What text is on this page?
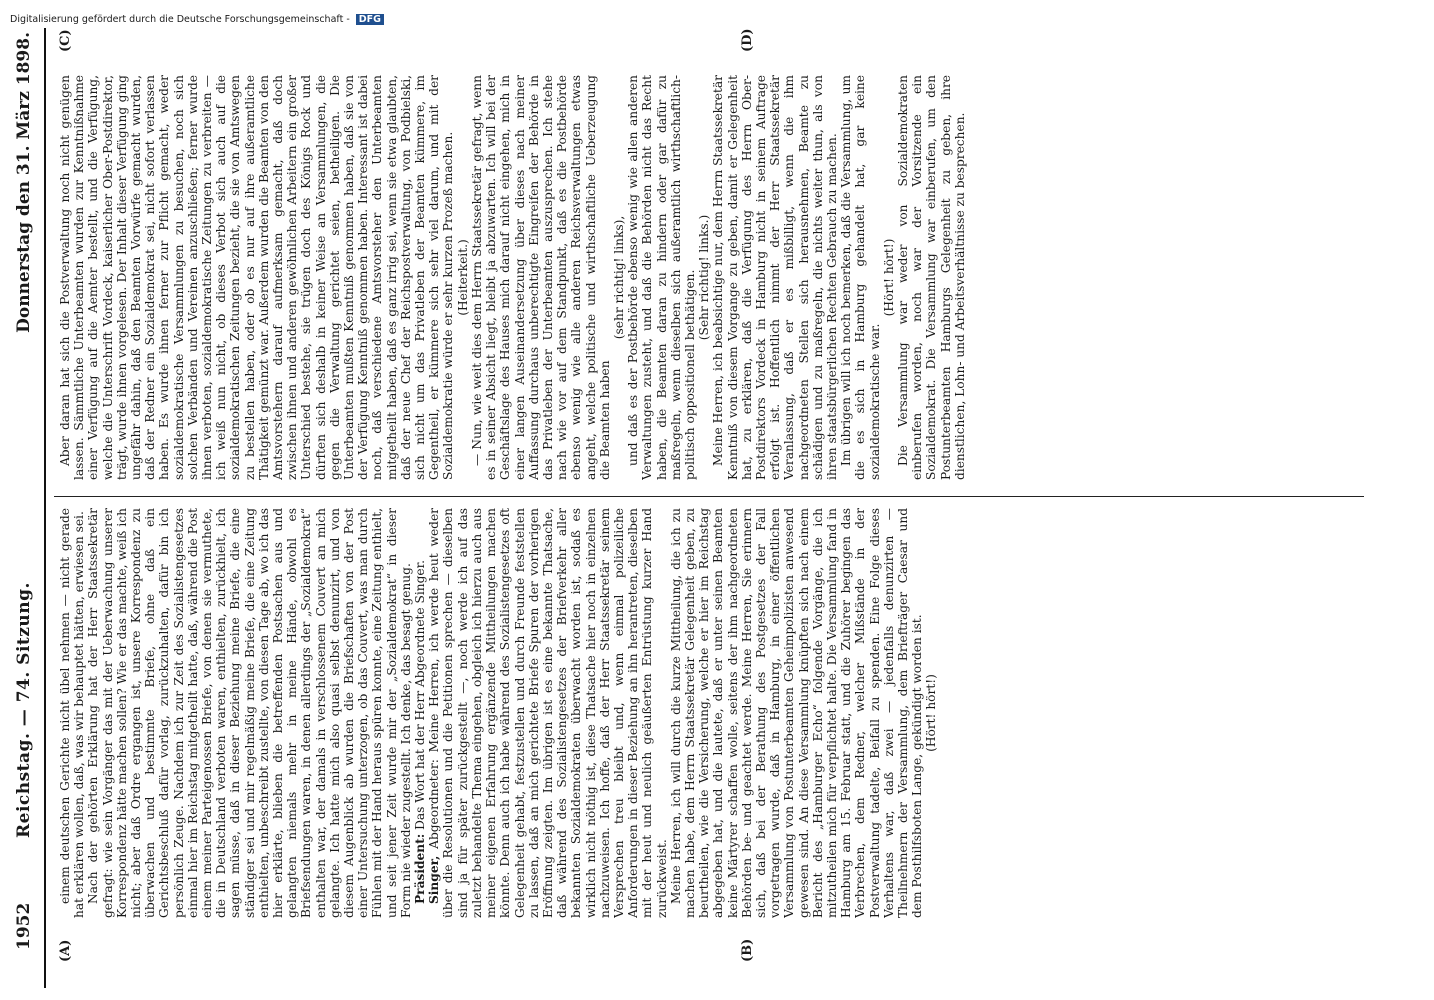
1952
Reichstag. — 74. Sitzung.
Donnerstag den 31. März 1898.
(A)	(B)
(C)	(D)

einem deutschen Gerichte nicht übel nehmen — nicht gerade hat erklären wollen, daß, was wir behauptet hätten, erwiesen sei. Nach der gehörten Erklärung hat der Herr Staatssekretär gefragt: wie sein Vorgänger das mit der Ueberwachung unserer Korrespondenz hätte machen sollen? Wie er das machte, weiß ich nicht; aber daß Ordre ergangen ist, unsere Korrespondenz zu überwachen und bestimmte Briefe, ohne daß ein Gerichtsbeschluß dafür vorlag, zurückzuhalten, dafür bin ich persönlich Zeuge. Nachdem ich zur Zeit des Sozialistengesetzes einmal hier im Reichstag mitgetheilt hatte, daß, während die Post einem meiner Parteigenossen Briefe, von denen sie vermuthete, die in Deutschland verboten waren, enthielten, zurückhielt, ich sagen müsse, daß in dieser Beziehung meine Briefe, die eine ständiger sei und mir regelmäßig meine Briefe, die eine Zeitung enthielten, unbeschreibt zustellte, von diesen Tage ab, wo ich das hier erklärte, blieben die betreffenden Postsachen aus und gelangten niemals mehr in meine Hände, obwohl es Briefsendungen waren, in denen allerdings der „Sozialdemokrat“ enthalten war, der damals in verschlossenem Couvert an mich gelangte. Ich hatte mich also quasi selbst denunzirt, und von diesem Augenblick ab wurden die Briefschaften von der Post einer Untersuchung unterzogen, ob das Couvert, was man durch Fühlen mit der Hand heraus spüren konnte, eine Zeitung enthielt, und seit jener Zeit wurde mir der „Sozialdemokrat“ in dieser Form nie wieder zugestellt. Ich denke, das besagt genug. Präsident: Das Wort hat der Herr Abgeordnete Singer.

Singer, Abgeordneter: Meine Herren, ich werde heut weder über die Resolutionen und die Petitionen sprechen — dieselben sind ja für später zurückgestellt —, noch werde ich auf das zuletzt behandelte Thema eingehen, obgleich ich hierzu auch aus meiner eigenen Erfahrung ergänzende Mittheilungen machen könnte. Denn auch ich habe während des Sozialistengesetzes oft Gelegenheit gehabt, festzustellen und durch Freunde feststellen zu lassen, daß an mich gerichtete Briefe Spuren der vorherigen Eröffnung zeigten. Im übrigen ist es eine bekannte Thatsache, daß während des Sozialistengesetzes der Briefverkehr aller bekannten Sozialdemokraten überwacht worden ist, sodaß es wirklich nicht nöthig ist, diese Thatsache hier noch in einzelnen nachzuweisen. Ich hoffe, daß der Herr Staatssekretär seinem Versprechen treu bleibt und, wenn einmal polizeiliche Anforderungen in dieser Beziehung an ihn herantreten, dieselben mit der heut und neulich geäußerten Entrüstung kurzer Hand zurückweist. Meine Herren, ich will durch die kurze Mittheilung, die ich zu machen habe, dem Herrn Staatssekretär Gelegenheit geben, zu beurtheilen, wie die Versicherung, welche er hier im Reichstag abgegeben hat, und die lautete, daß er unter seinen Beamten keine Märtyrer schaffen wolle, seitens der ihm nachgeordneten Behörden be- und geachtet werde. Meine Herren, Sie erinnern sich, daß bei der Berathung des Postgesetzes der Fall vorgetragen wurde, daß in Hamburg, in einer öffentlichen Versammlung von Postunterbeamten Geheimpolizisten anwesend gewesen sind. An diese Versammlung knüpften sich nach einem Bericht des „Hamburger Echo“ folgende Vorgänge, die ich mitzutheilen mich für verpflichtet halte. Die Versammlung fand in Hamburg am 15. Februar statt, und die Zuhörer begingen das Verbrechen, dem Redner, welcher Mißstände in der Postverwaltung tadelte, Beifall zu spenden. Eine Folge dieses Verhaltens war, daß zwei — jedenfalls denunzirten — Theilnehmern der Versammlung, dem Briefträger Caesar und dem Posthilfsboten Lange, gekündigt worden ist. (Hört! hört!)

Aber daran hat sich die Postverwaltung noch nicht genügen lassen. Sämmtliche Unterbeamten wurden zur Kenntnißnahme einer Verfügung auf die Aemter bestellt, und die Verfügung, welche die Unterschrift Vordeck, kaiserlicher Ober-Postdirektor, trägt, wurde ihnen vorgelesen. Der Inhalt dieser Verfügung ging ungefähr dahin, daß den Beamten Vorwürfe gemacht wurden, daß der Redner ein Sozialdemokrat sei, nicht sofort verlassen haben. Es wurde ihnen ferner zur Pflicht gemacht, weder sozialdemokratische Versammlungen zu besuchen, noch sich solchen Verbänden und Vereinen anzuschließen; ferner wurde ihnen verboten, sozialdemokratische Zeitungen zu verbreiten — ich weiß nun nicht, ob dieses Verbot sich auch auf die sozialdemokratischen Zeitungen bezieht, die sie von Amtswegen zu bestellen haben, oder ob es nur auf ihre außeramtliche Thätigkeit gemünzt war. Außerdem wurden die Beamten von den Amtsvorstehern darauf aufmerksam gemacht, daß doch zwischen ihnen und anderen gewöhnlichen Arbeitern ein großer Unterschied bestehe, sie trügen doch des Königs Rock und dürften sich deshalb in keiner Weise an Versammlungen, die gegen die Verwaltung gerichtet seien, betheiligen. Die Unterbeamten mußten Kenntniß genommen haben, daß sie von der Verfügung Kenntniß genommen haben. Interessant ist dabei noch, daß verschiedene Amtsvorsteher den Unterbeamten mitgetheilt haben, daß es ganz irrig sei, wenn sie etwa glaubten, daß der neue Chef der Reichspostverwaltung, von Podbielski, sich nicht um das Privatleben der Beamten kümmere, im Gegentheil, er kümmere sich sehr viel darum, und mit der Sozialdemokratie würde er sehr kurzen Prozeß machen. (Heiterkeit.) — Nun, wie weit dies dem Herrn Staatssekretär gefragt, wenn es in seiner Absicht liegt, bleibt ja abzuwarten. Ich will bei der Geschäftslage des Hauses mich darauf nicht eingehen, mich in einer langen Auseinandersetzung über dieses nach meiner Auffassung durchaus unberechtigte Eingreifen der Behörde in das Privatleben der Unterbeamten auszusprechen. Ich stehe nach wie vor auf dem Standpunkt, daß es die Postbehörde ebenso wenig wie alle anderen Reichsverwaltungen etwas angeht, welche politische und wirthschaftliche Ueberzeugung die Beamten haben

(sehr richtig! links), und daß es der Postbehörde ebenso wenig wie allen anderen Verwaltungen zusteht, und daß die Behörden nicht das Recht haben, die Beamten daran zu hindern oder gar dafür zu maßregeln, wenn dieselben sich außeramtlich wirthschaftlich-politisch oppositionell bethätigen. (Sehr richtig! links.) Meine Herren, ich beabsichtige nur, dem Herrn Staatssekretär Kenntniß von diesem Vorgange zu geben, damit er Gelegenheit hat, zu erklären, daß die Verfügung des Herrn Ober-Postdirektors Vordeck in Hamburg nicht in seinem Auftrage erfolgt ist. Hoffentlich nimmt der Herr Staatssekretär Veranlassung, daß er es mißbilligt, wenn die ihm nachgeordneten Stellen sich herausnehmen, Beamte zu schädigen und zu maßregeln, die nichts weiter thun, als von ihren staatsbürgerlichen Rechten Gebrauch zu machen. Im übrigen will ich noch bemerken, daß die Versammlung, um die es sich in Hamburg gehandelt hat, gar keine sozialdemokratische war.

(Hört! hört!) Die Versammlung war weder von Sozialdemokraten einberufen worden, noch war der Vorsitzende ein Sozialdemokrat. Die Versammlung war einberufen, um den Postunterbeamten Hamburgs Gelegenheit zu geben, ihre dienstlichen, Lohn- und Arbeitsverhältnisse zu besprechen.

Digitalisierung gefördert durch die Deutsche Forschungsgemeinschaft - DFG
